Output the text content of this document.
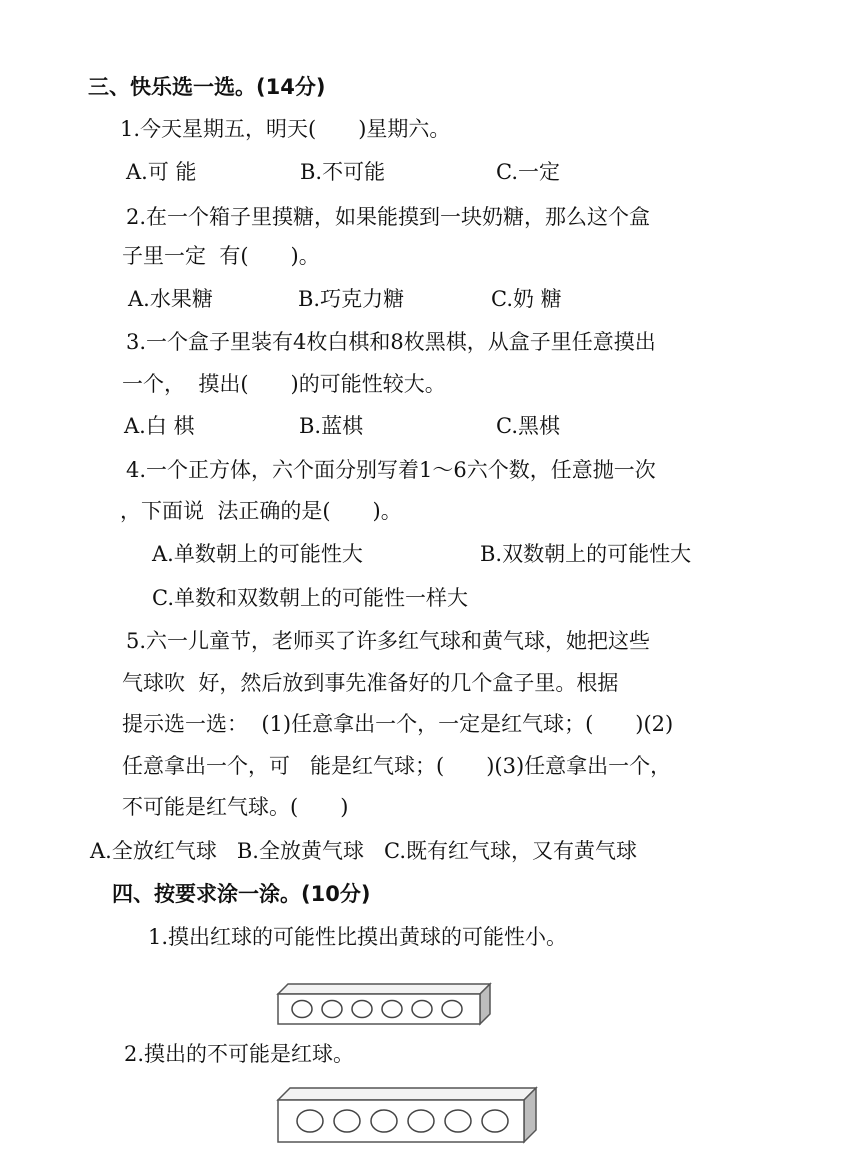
三、快乐选一选。(14分)
1.今天星期五，明天(　　)星期六。
A.可 能	B.不可能	C.一定
2.在一个箱子里摸糖，如果能摸到一块奶糖，那么这个盒
子里一定  有(　　)。
A.水果糖	B.巧克力糖	C.奶 糖
3.一个盒子里装有4枚白棋和8枚黑棋，从盒子里任意摸出
一个，  摸出(　　)的可能性较大。
A.白 棋	B.蓝棋	C.黑棋
4.一个正方体，六个面分别写着1～6六个数，任意抛一次
，下面说  法正确的是(　　)。
A.单数朝上的可能性大	B.双数朝上的可能性大
C.单数和双数朝上的可能性一样大
5.六一儿童节，老师买了许多红气球和黄气球，她把这些
气球吹  好，然后放到事先准备好的几个盒子里。根据
提示选一选：  (1)任意拿出一个，一定是红气球；(　　)(2)
任意拿出一个，可   能是红气球；(　　)(3)任意拿出一个，
不可能是红气球。(　　)
A.全放红气球   B.全放黄气球   C.既有红气球，又有黄气球
四、按要求涂一涂。(10分)
1.摸出红球的可能性比摸出黄球的可能性小。
2.摸出的不可能是红球。
